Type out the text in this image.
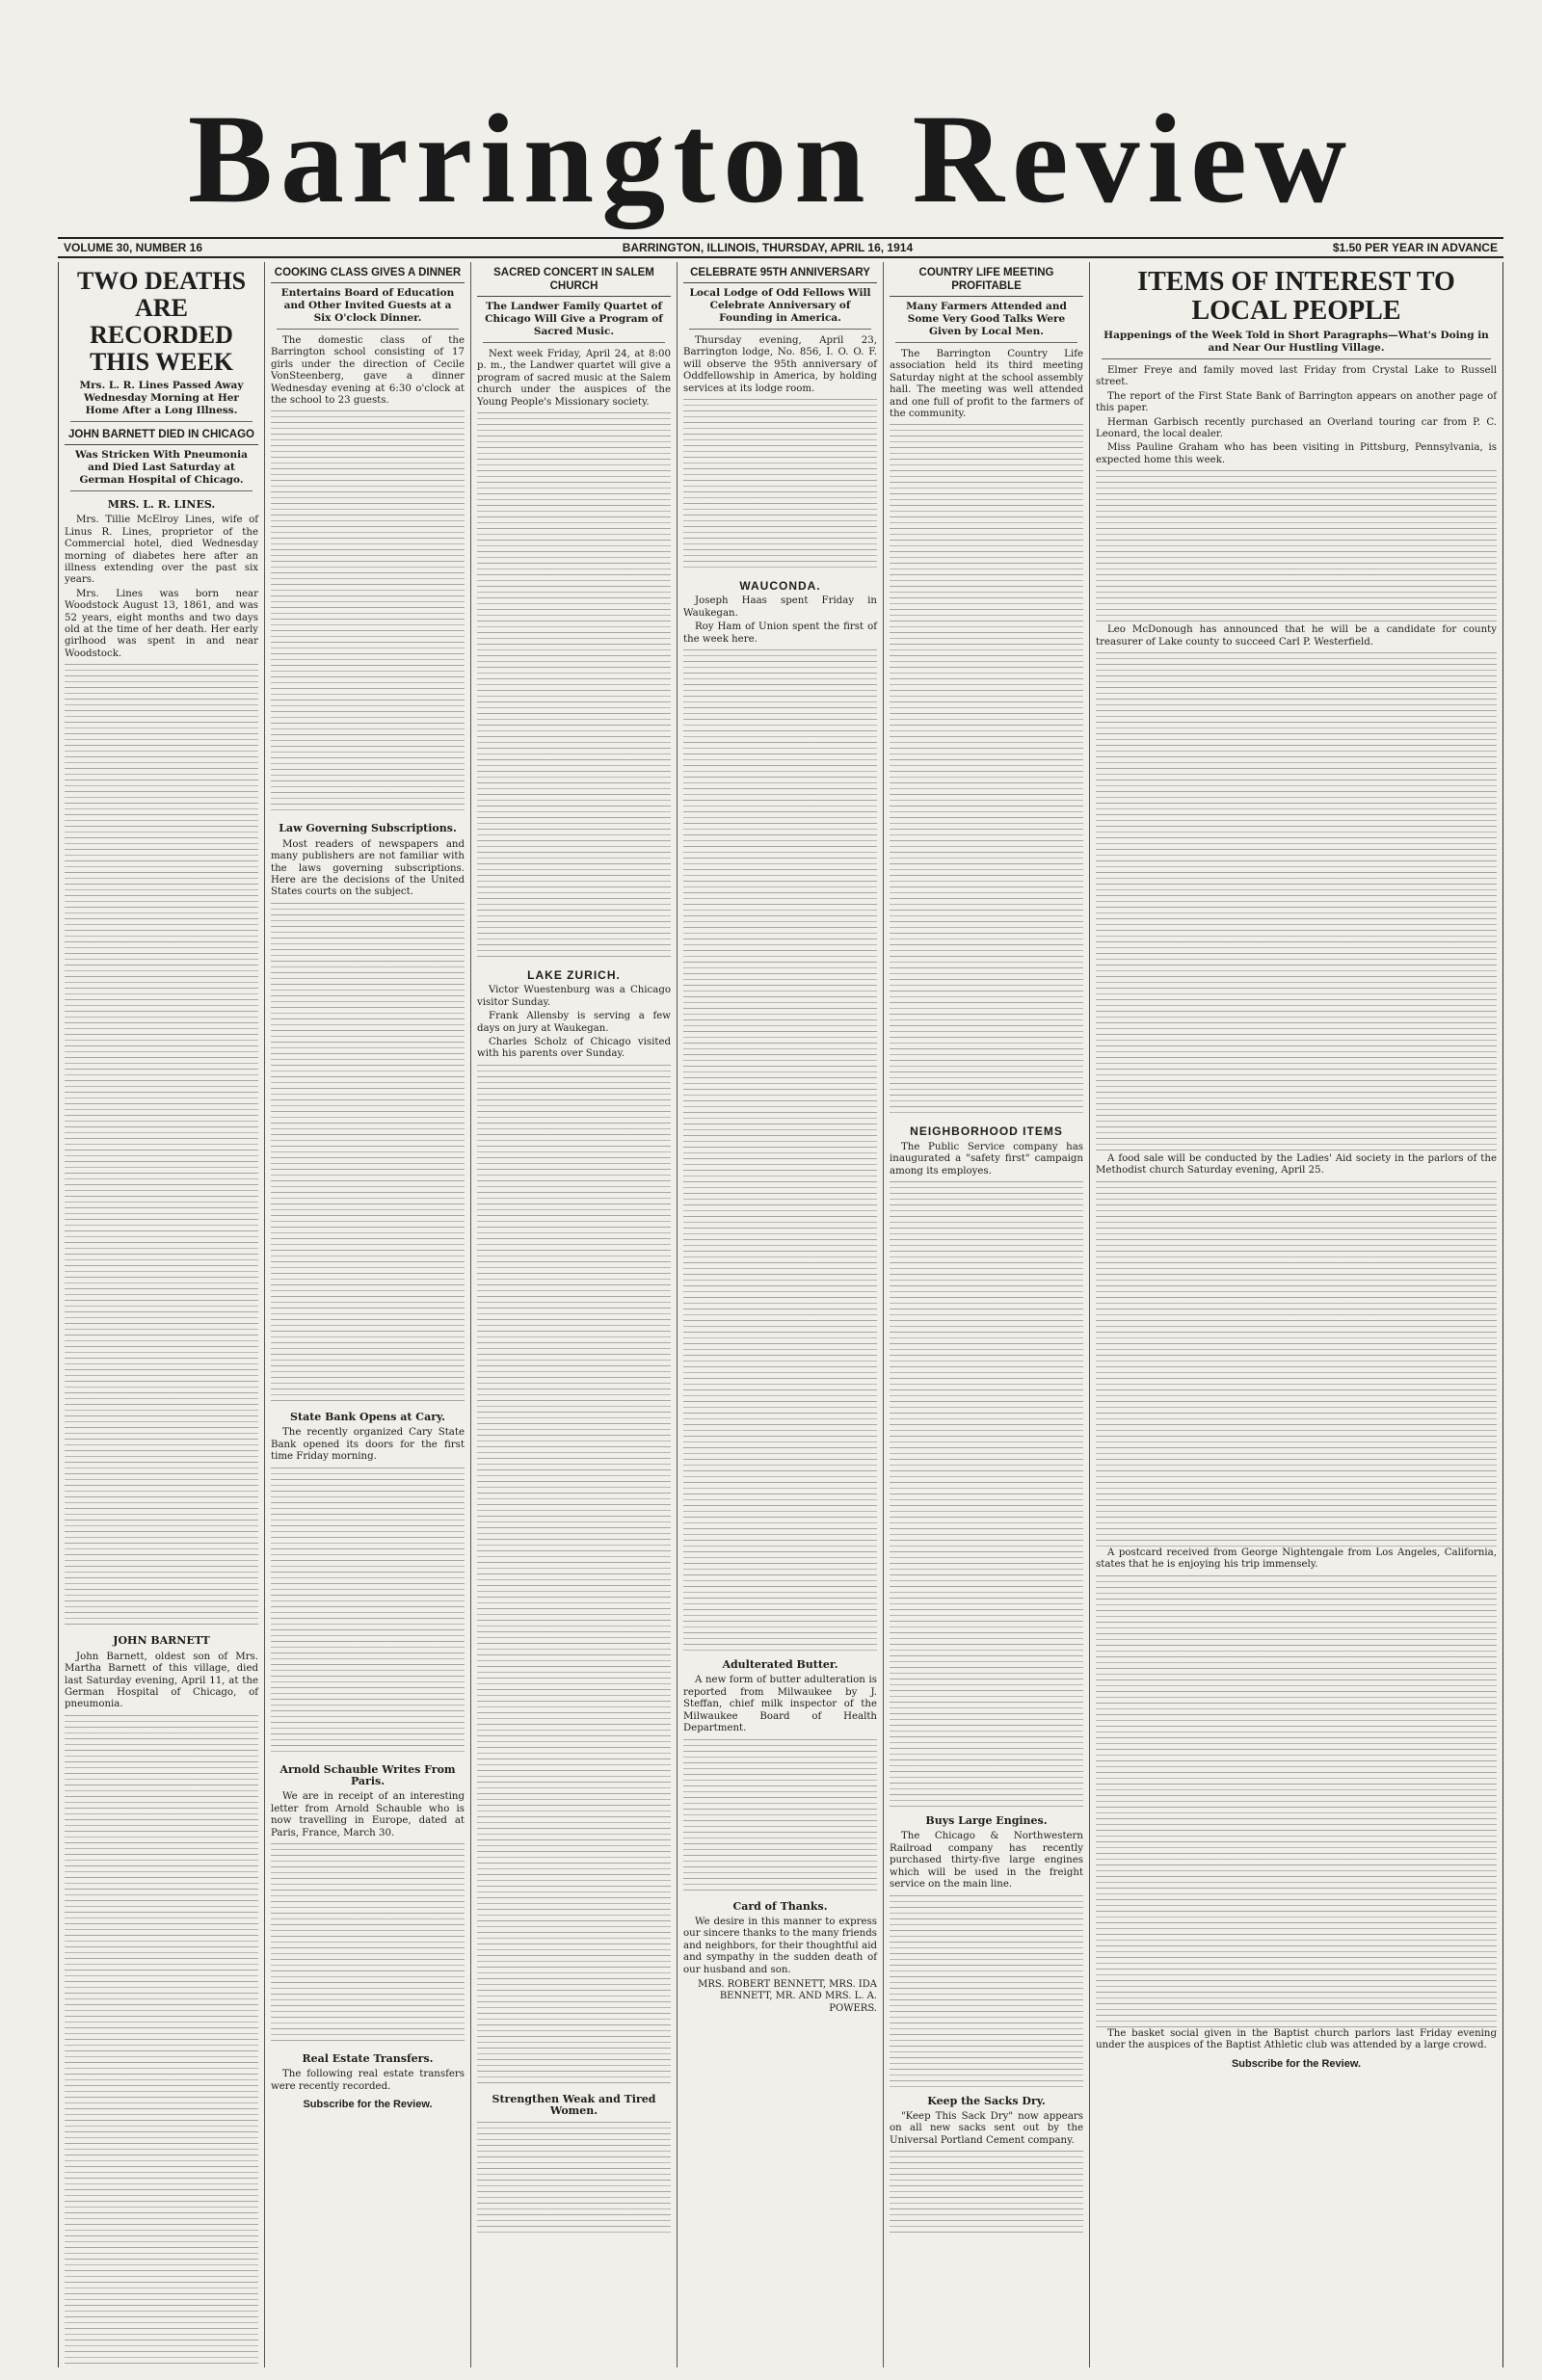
Barrington Review
VOLUME 30, NUMBER 16	BARRINGTON, ILLINOIS, THURSDAY, APRIL 16, 1914	$1.50 PER YEAR IN ADVANCE
TWO DEATHS ARE RECORDED THIS WEEK
Mrs. L. R. Lines Passed Away Wednesday Morning at Her Home After a Long Illness.
JOHN BARNETT DIED IN CHICAGO
Was Stricken With Pneumonia and Died Last Saturday at German Hospital of Chicago.
MRS. L. R. LINES.

Mrs. Tillie McElroy Lines, wife of Linus R. Lines, proprietor of the Commercial hotel, died Wednesday morning of diabetes here after an illness extending over the past six years.

Mrs. Lines was born near Woodstock August 13, 1861, and was 52 years, eight months and two days old at the time of her death. Her early girlhood was spent in and near Woodstock.

JOHN BARNETT

John Barnett, oldest son of Mrs. Martha Barnett of this village, died last Saturday evening, April 11, at the German Hospital of Chicago, of pneumonia.

COOKING CLASS GIVES A DINNER
Entertains Board of Education and Other Invited Guests at a Six O'clock Dinner.

The domestic class of the Barrington school consisting of 17 girls under the direction of Cecile VonSteenberg, gave a dinner Wednesday evening at 6:30 o'clock at the school to 23 guests.

Law Governing Subscriptions.

Most readers of newspapers and many publishers are not familiar with the laws governing subscriptions. Here are the decisions of the United States courts on the subject.

State Bank Opens at Cary.

The recently organized Cary State Bank opened its doors for the first time Friday morning.

Arnold Schauble Writes From Paris.

We are in receipt of an interesting letter from Arnold Schauble who is now travelling in Europe, dated at Paris, France, March 30.

Real Estate Transfers.

The following real estate transfers were recently recorded.

Subscribe for the Review.
SACRED CONCERT IN SALEM CHURCH
The Landwer Family Quartet of Chicago Will Give a Program of Sacred Music.

Next week Friday, April 24, at 8:00 p. m., the Landwer quartet will give a program of sacred music at the Salem church under the auspices of the Young People's Missionary society.

LAKE ZURICH.

Victor Wuestenburg was a Chicago visitor Sunday.

Frank Allensby is serving a few days on jury at Waukegan.

Charles Scholz of Chicago visited with his parents over Sunday.

Strengthen Weak and Tired Women.
CELEBRATE 95TH ANNIVERSARY
Local Lodge of Odd Fellows Will Celebrate Anniversary of Founding in America.

Thursday evening, April 23, Barrington lodge, No. 856, I. O. O. F. will observe the 95th anniversary of Oddfellowship in America, by holding services at its lodge room.

WAUCONDA.

Joseph Haas spent Friday in Waukegan.

Roy Ham of Union spent the first of the week here.

Adulterated Butter.

A new form of butter adulteration is reported from Milwaukee by J. Steffan, chief milk inspector of the Milwaukee Board of Health Department.

Card of Thanks.

We desire in this manner to express our sincere thanks to the many friends and neighbors, for their thoughtful aid and sympathy in the sudden death of our husband and son.

MRS. ROBERT BENNETT, MRS. IDA BENNETT, MR. AND MRS. L. A. POWERS.
COUNTRY LIFE MEETING PROFITABLE
Many Farmers Attended and Some Very Good Talks Were Given by Local Men.

The Barrington Country Life association held its third meeting Saturday night at the school assembly hall. The meeting was well attended and one full of profit to the farmers of the community.

NEIGHBORHOOD ITEMS

The Public Service company has inaugurated a "safety first" campaign among its employes.

Buys Large Engines.

The Chicago & Northwestern Railroad company has recently purchased thirty-five large engines which will be used in the freight service on the main line.

Keep the Sacks Dry.

"Keep This Sack Dry" now appears on all new sacks sent out by the Universal Portland Cement company.

ITEMS OF INTEREST TO LOCAL PEOPLE
Happenings of the Week Told in Short Paragraphs—What's Doing in and Near Our Hustling Village.

Elmer Freye and family moved last Friday from Crystal Lake to Russell street.

The report of the First State Bank of Barrington appears on another page of this paper.

Herman Garbisch recently purchased an Overland touring car from P. C. Leonard, the local dealer.

Miss Pauline Graham who has been visiting in Pittsburg, Pennsylvania, is expected home this week.

Leo McDonough has announced that he will be a candidate for county treasurer of Lake county to succeed Carl P. Westerfield.

A food sale will be conducted by the Ladies' Aid society in the parlors of the Methodist church Saturday evening, April 25.

A postcard received from George Nightengale from Los Angeles, California, states that he is enjoying his trip immensely.

The basket social given in the Baptist church parlors last Friday evening under the auspices of the Baptist Athletic club was attended by a large crowd.

Subscribe for the Review.
